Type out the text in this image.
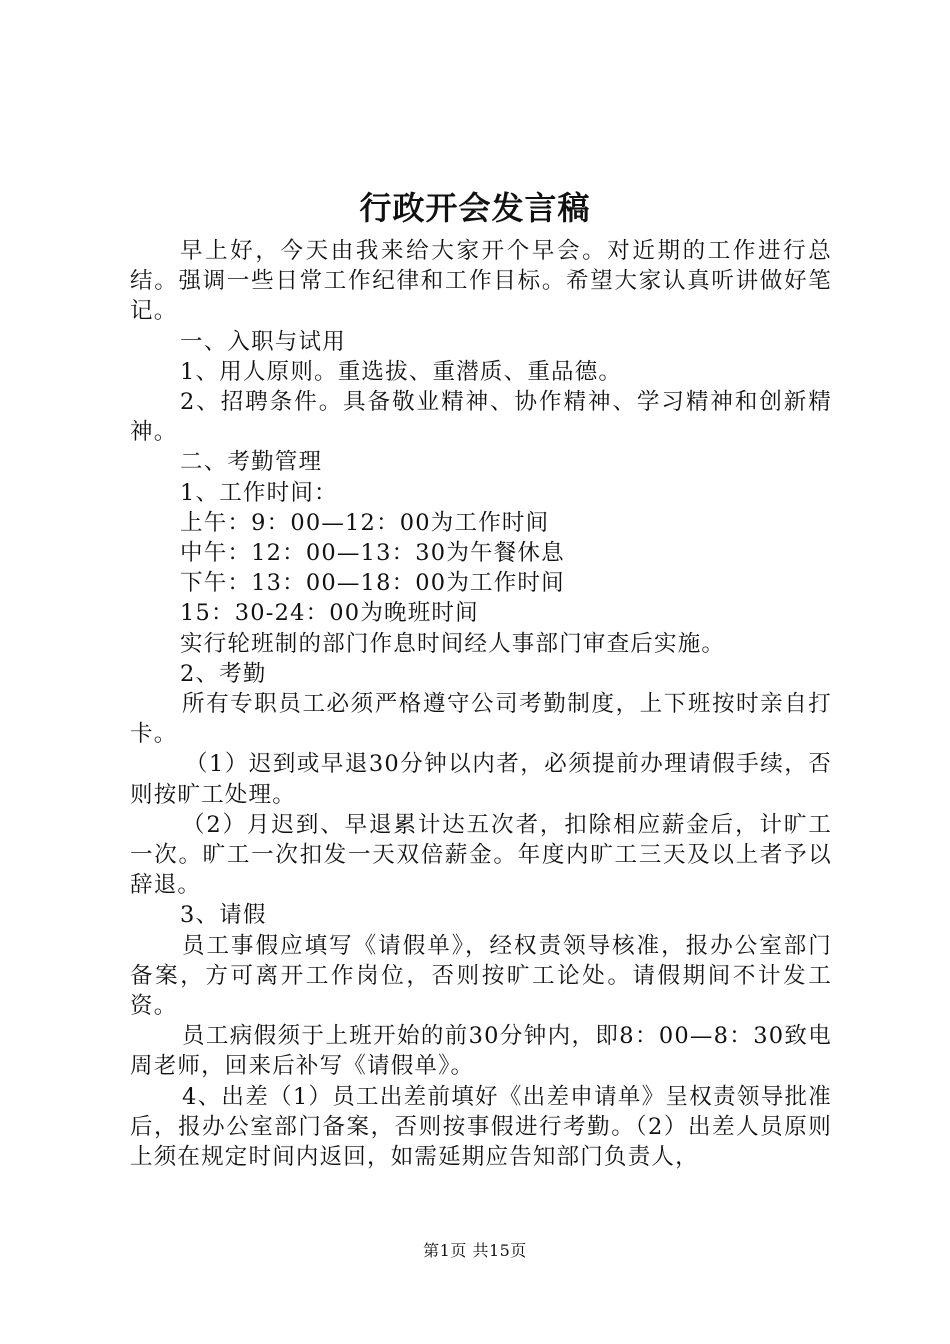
行政开会发言稿

早上好，今天由我来给大家开个早会。对近期的工作进行总结。强调一些日常工作纪律和工作目标。希望大家认真听讲做好笔记。

一、入职与试用

1、用人原则。重选拔、重潜质、重品德。

2、招聘条件。具备敬业精神、协作精神、学习精神和创新精神。

二、考勤管理

1、工作时间：

上午：9：00—12：00为工作时间

中午：12：00—13：30为午餐休息

下午：13：00—18：00为工作时间

15：30-24：00为晚班时间

实行轮班制的部门作息时间经人事部门审查后实施。

2、考勤

所有专职员工必须严格遵守公司考勤制度，上下班按时亲自打卡。

（1）迟到或早退30分钟以内者，必须提前办理请假手续，否则按旷工处理。

（2）月迟到、早退累计达五次者，扣除相应薪金后，计旷工一次。旷工一次扣发一天双倍薪金。年度内旷工三天及以上者予以辞退。

3、请假

员工事假应填写《请假单》，经权责领导核准，报办公室部门备案，方可离开工作岗位，否则按旷工论处。请假期间不计发工资。

员工病假须于上班开始的前30分钟内，即8：00—8：30致电周老师，回来后补写《请假单》。

4、出差（1）员工出差前填好《出差申请单》呈权责领导批准后，报办公室部门备案，否则按事假进行考勤。（2）出差人员原则上须在规定时间内返回，如需延期应告知部门负责人，

第1页 共15页
